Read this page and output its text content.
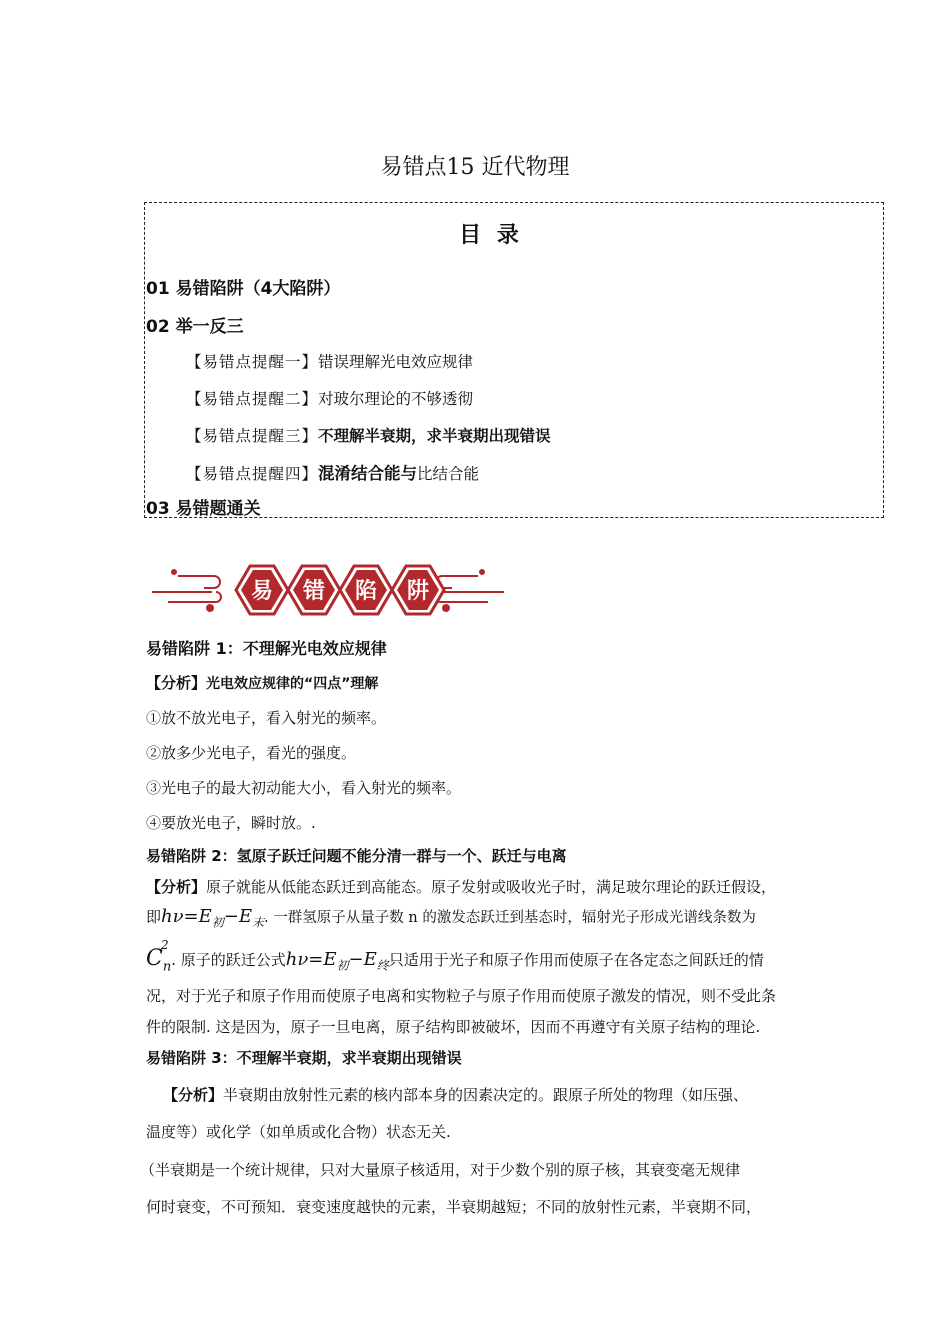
易错点15 近代物理
目 录
01 易错陷阱（4大陷阱）
02 举一反三
【易错点提醒一】错误理解光电效应规律
【易错点提醒二】对玻尔理论的不够透彻
【易错点提醒三】不理解半衰期，求半衰期出现错误
【易错点提醒四】混淆结合能与比结合能
03 易错题通关
易 错 陷 阱
易错陷阱 1：不理解光电效应规律
【分析】光电效应规律的“四点”理解
①放不放光电子，看入射光的频率。
②放多少光电子，看光的强度。
③光电子的最大初动能大小，看入射光的频率。
④要放光电子，瞬时放。.
易错陷阱 2：氢原子跃迁问题不能分清一群与一个、跃迁与电离
【分析】原子就能从低能态跃迁到高能态。原子发射或吸收光子时，满足玻尔理论的跃迁假设，
即$h\nu=E_初-E_末$. 一群氢原子从量子数 n 的激发态跃迁到基态时，辐射光子形成光谱线条数为
C
2
$_n$. 原子的跃迁公式$h\nu=E_初-E_终$只适用于光子和原子作用而使原子在各定态之间跃迁的情
况，对于光子和原子作用而使原子电离和实物粒子与原子作用而使原子激发的情况，则不受此条
件的限制. 这是因为，原子一旦电离，原子结构即被破坏，因而不再遵守有关原子结构的理论.
易错陷阱 3：不理解半衰期，求半衰期出现错误
【分析】半衰期由放射性元素的核内部本身的因素决定的。跟原子所处的物理（如压强、
温度等）或化学（如单质或化合物）状态无关.
（半衰期是一个统计规律，只对大量原子核适用，对于少数个别的原子核，其衰变毫无规律
何时衰变，不可预知．衰变速度越快的元素，半衰期越短；不同的放射性元素，半衰期不同，
